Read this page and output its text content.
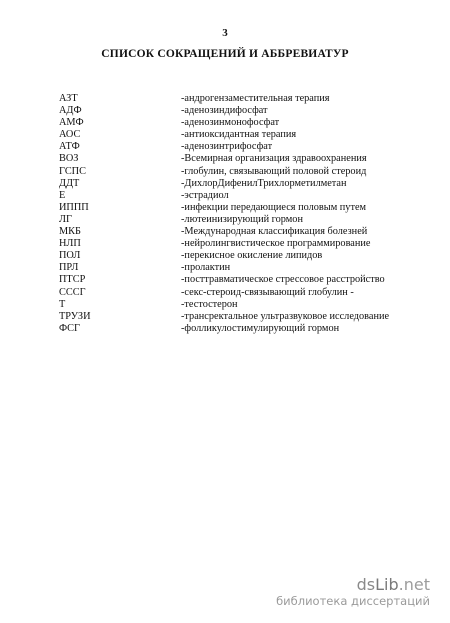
3
СПИСОК СОКРАЩЕНИЙ И АББРЕВИАТУР
АЗТ	-андрогензаместительная терапия
АДФ	-аденозиндифосфат
АМФ	-аденозинмонофосфат
АОС	-антиоксидантная терапия
АТФ	-аденозинтрифосфат
ВОЗ	-Всемирная организация здравоохранения
ГСПС	-глобулин, связывающий половой стероид
ДДТ	-ДихлорДифенилТрихлорметилметан
Е	-эстрадиол
ИППП	-инфекции передающиеся половым путем
ЛГ	-лютеинизирующий гормон
МКБ	-Международная классификация болезней
НЛП	-нейролингвистическое программирование
ПОЛ	-перекисное окисление липидов
ПРЛ	-пролактин
ПТСР	-посттравматическое стрессовое расстройство
СССГ	-секс-стероид-связывающий глобулин -
Т	-тестостерон
ТРУЗИ	-трансректальное ультразвуковое исследование
ФСГ	-фолликулостимулирующий гормон
dsLib.net
библиотека диссертаций
